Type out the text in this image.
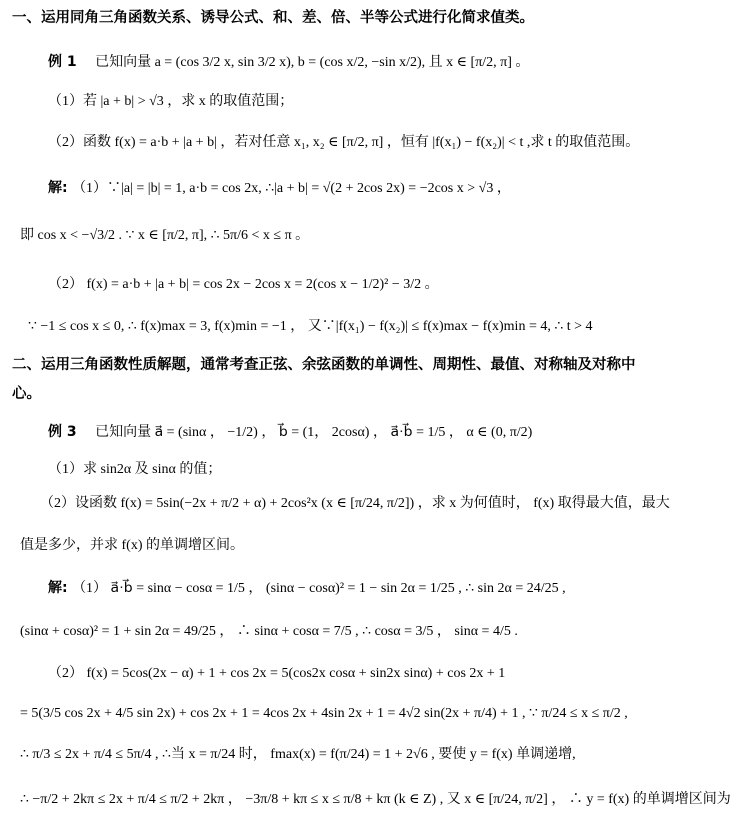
一、运用同角三角函数关系、诱导公式、和、差、倍、半等公式进行化简求值类。
例 1 已知向量 a = (cos 3/2 x, sin 3/2 x), b = (cos x/2, −sin x/2), 且 x ∈ [π/2, π] 。
（1）若 |a + b| > √3 ，求 x 的取值范围；
（2）函数 f(x) = a·b + |a + b| ，若对任意 x₁, x₂ ∈ [π/2, π] ，恒有 |f(x₁) − f(x₂)| < t ,求 t 的取值范围。
解: （1）∵|a| = |b| = 1, a·b = cos 2x, ∴|a + b| = √(2 + 2cos 2x) = −2cos x > √3 ，
即 cos x < −√3/2 . ∵ x ∈ [π/2, π], ∴ 5π/6 < x ≤ π 。
（2） f(x) = a·b + |a + b| = cos 2x − 2cos x = 2(cos x − 1/2)² − 3/2 。
∵ −1 ≤ cos x ≤ 0, ∴ f(x)max = 3, f(x)min = −1 ， 又∵|f(x₁) − f(x₂)| ≤ f(x)max − f(x)min = 4, ∴ t > 4
二、运用三角函数性质解题，通常考查正弦、余弦函数的单调性、周期性、最值、对称轴及对称中
心。
例 3 已知向量 a⃗ = (sinα ， −1/2) ， b⃗ = (1， 2cosα) ， a⃗·b⃗ = 1/5 ， α ∈ (0, π/2)
（1）求 sin2α 及 sinα 的值；
（2）设函数 f(x) = 5sin(−2x + π/2 + α) + 2cos²x (x ∈ [π/24, π/2]) ，求 x 为何值时， f(x) 取得最大值，最大
值是多少，并求 f(x) 的单调增区间。
解: （1） a⃗·b⃗ = sinα − cosα = 1/5 ， (sinα − cosα)² = 1 − sin 2α = 1/25 , ∴ sin 2α = 24/25 ,
(sinα + cosα)² = 1 + sin 2α = 49/25 ， ∴ sinα + cosα = 7/5 , ∴ cosα = 3/5 ， sinα = 4/5 .
（2） f(x) = 5cos(2x − α) + 1 + cos 2x = 5(cos2x cosα + sin2x sinα) + cos 2x + 1
= 5(3/5 cos 2x + 4/5 sin 2x) + cos 2x + 1 = 4cos 2x + 4sin 2x + 1 = 4√2 sin(2x + π/4) + 1 , ∵ π/24 ≤ x ≤ π/2 ,
∴ π/3 ≤ 2x + π/4 ≤ 5π/4 , ∴当 x = π/24 时， fmax(x) = f(π/24) = 1 + 2√6 , 要使 y = f(x) 单调递增,
∴ −π/2 + 2kπ ≤ 2x + π/4 ≤ π/2 + 2kπ ， −3π/8 + kπ ≤ x ≤ π/8 + kπ (k ∈ Z) , 又 x ∈ [π/24, π/2] ， ∴ y = f(x) 的单调增区间为
